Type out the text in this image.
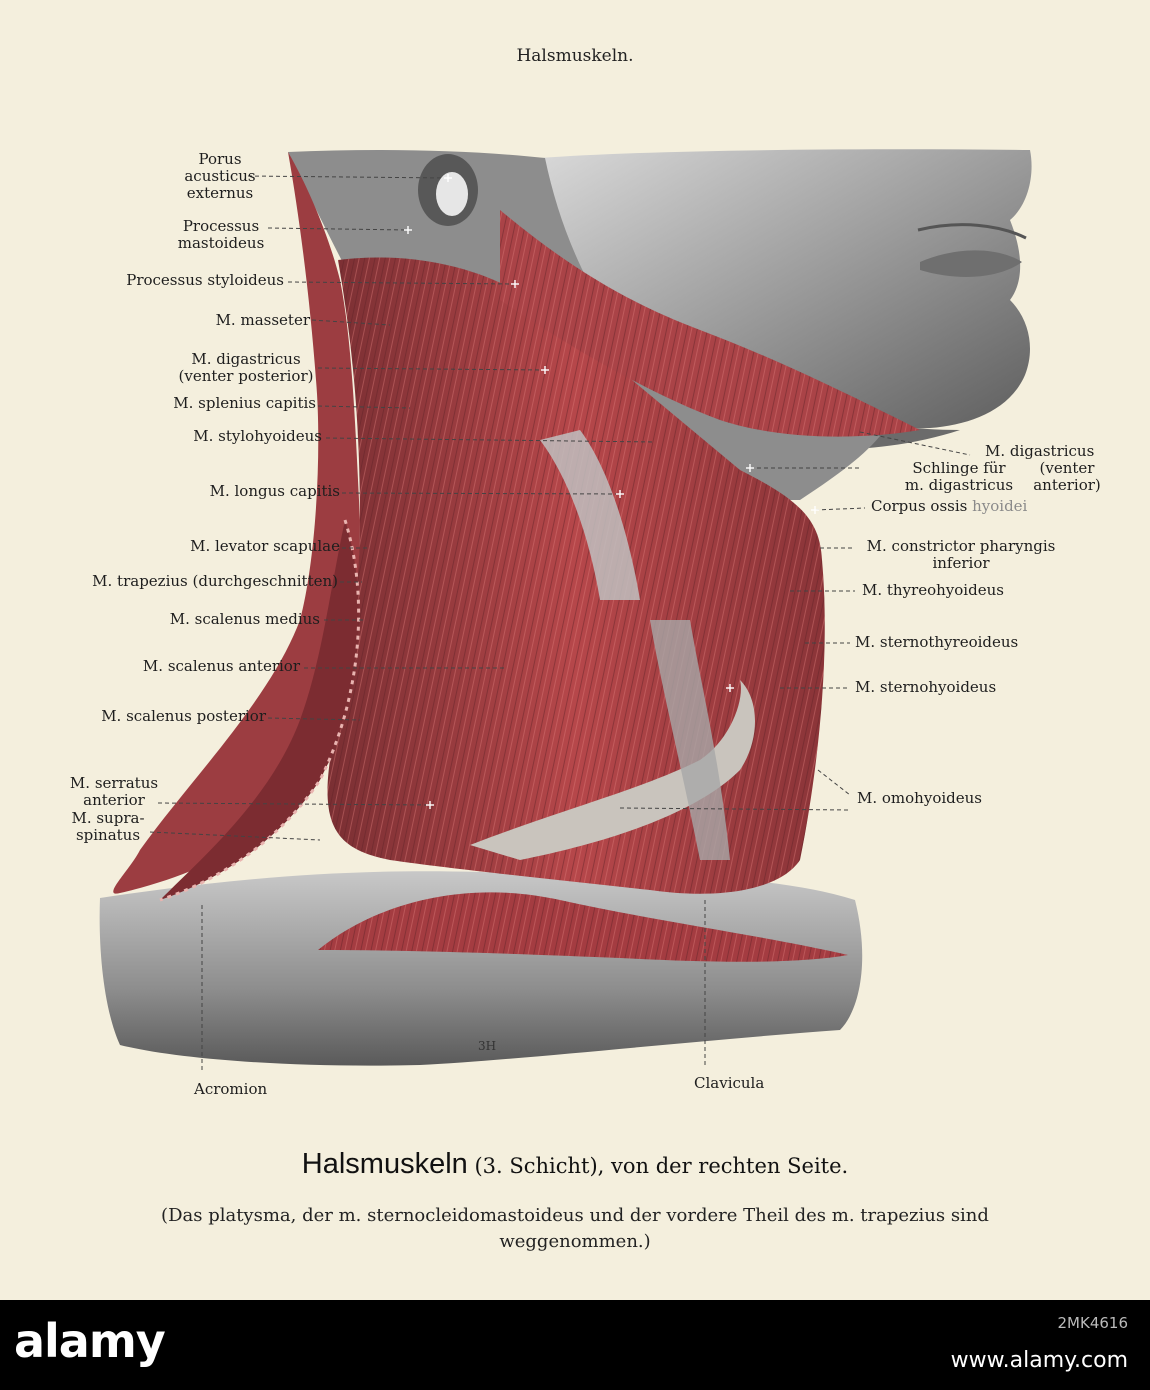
Halsmuskeln.
3H
Porus
acusticus
externus
Processus
mastoideus
Processus styloideus
M. masseter
M. digastricus
(venter posterior)
M. splenius capitis
M. stylohyoideus
M. longus capitis
M. levator scapulae
M. trapezius (durchgeschnitten)
M. scalenus medius
M. scalenus anterior
M. scalenus posterior
M. serratus
anterior
M. supra-
spinatus
M. digastricus
Schlinge für
m. digastricus
(venter
anterior)
Corpus ossis hyoidei
M. constrictor pharyngis
inferior
M. thyreohyoideus
M. sternothyreoideus
M. sternohyoideus
M. omohyoideus
Acromion	Clavicula
Halsmuskeln (3. Schicht), von der rechten Seite.
(Das platysma, der m. sternocleidomastoideus und der vordere Theil des m. trapezius sind weggenommen.)
alamy	2MK4616
www.alamy.com
